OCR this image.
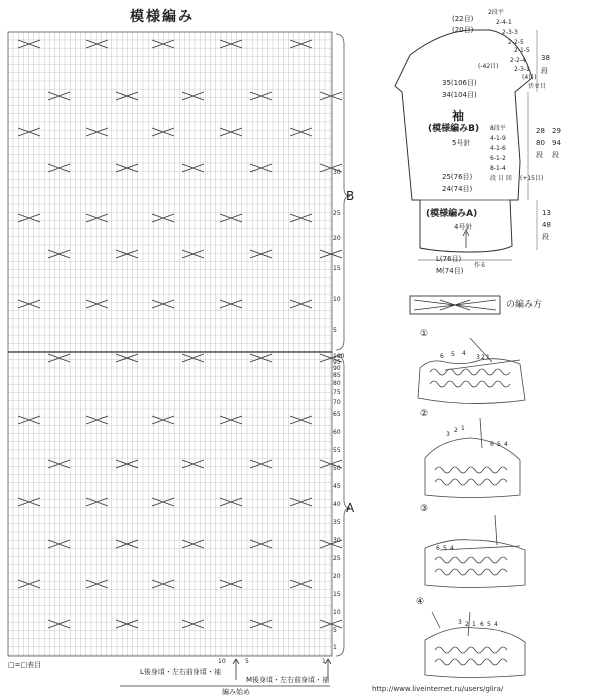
模様編み
B
A
30
25
20
15
10
5
1
5
10
15
20
25
30
35
40
45
50
55
60
65
70
75
80
85
90
95
100
10	5	1
□=□表目
L後身頃・左右前身頃・袖
M後身頃・左右前身頃・袖
編み始め
(22目)
(20目)
2段平
2-4-1
2-3-3
2-2-5
2-1-5
2-2-4
2-3-1
38
段
(-42目)
(4目)
伏せ目
35(106目)
34(104目)
袖
(模様編みB)
5号針
8段平
4-1-9
4-1-6
6-1-2
8-1-4
段 目 回
28
80
段
29
94
段
(+15目)
25(76目)
24(74目)
(模様編みA)
4号針
13
48
段
L(76目)
M(74目)
作る
の編み方
①
6 5 4
3 2 1
②
3
2 1
6 5 4
③
6 5 4
④
3 2 1 6 5 4
http://www.liveinternet.ru/users/glira/
